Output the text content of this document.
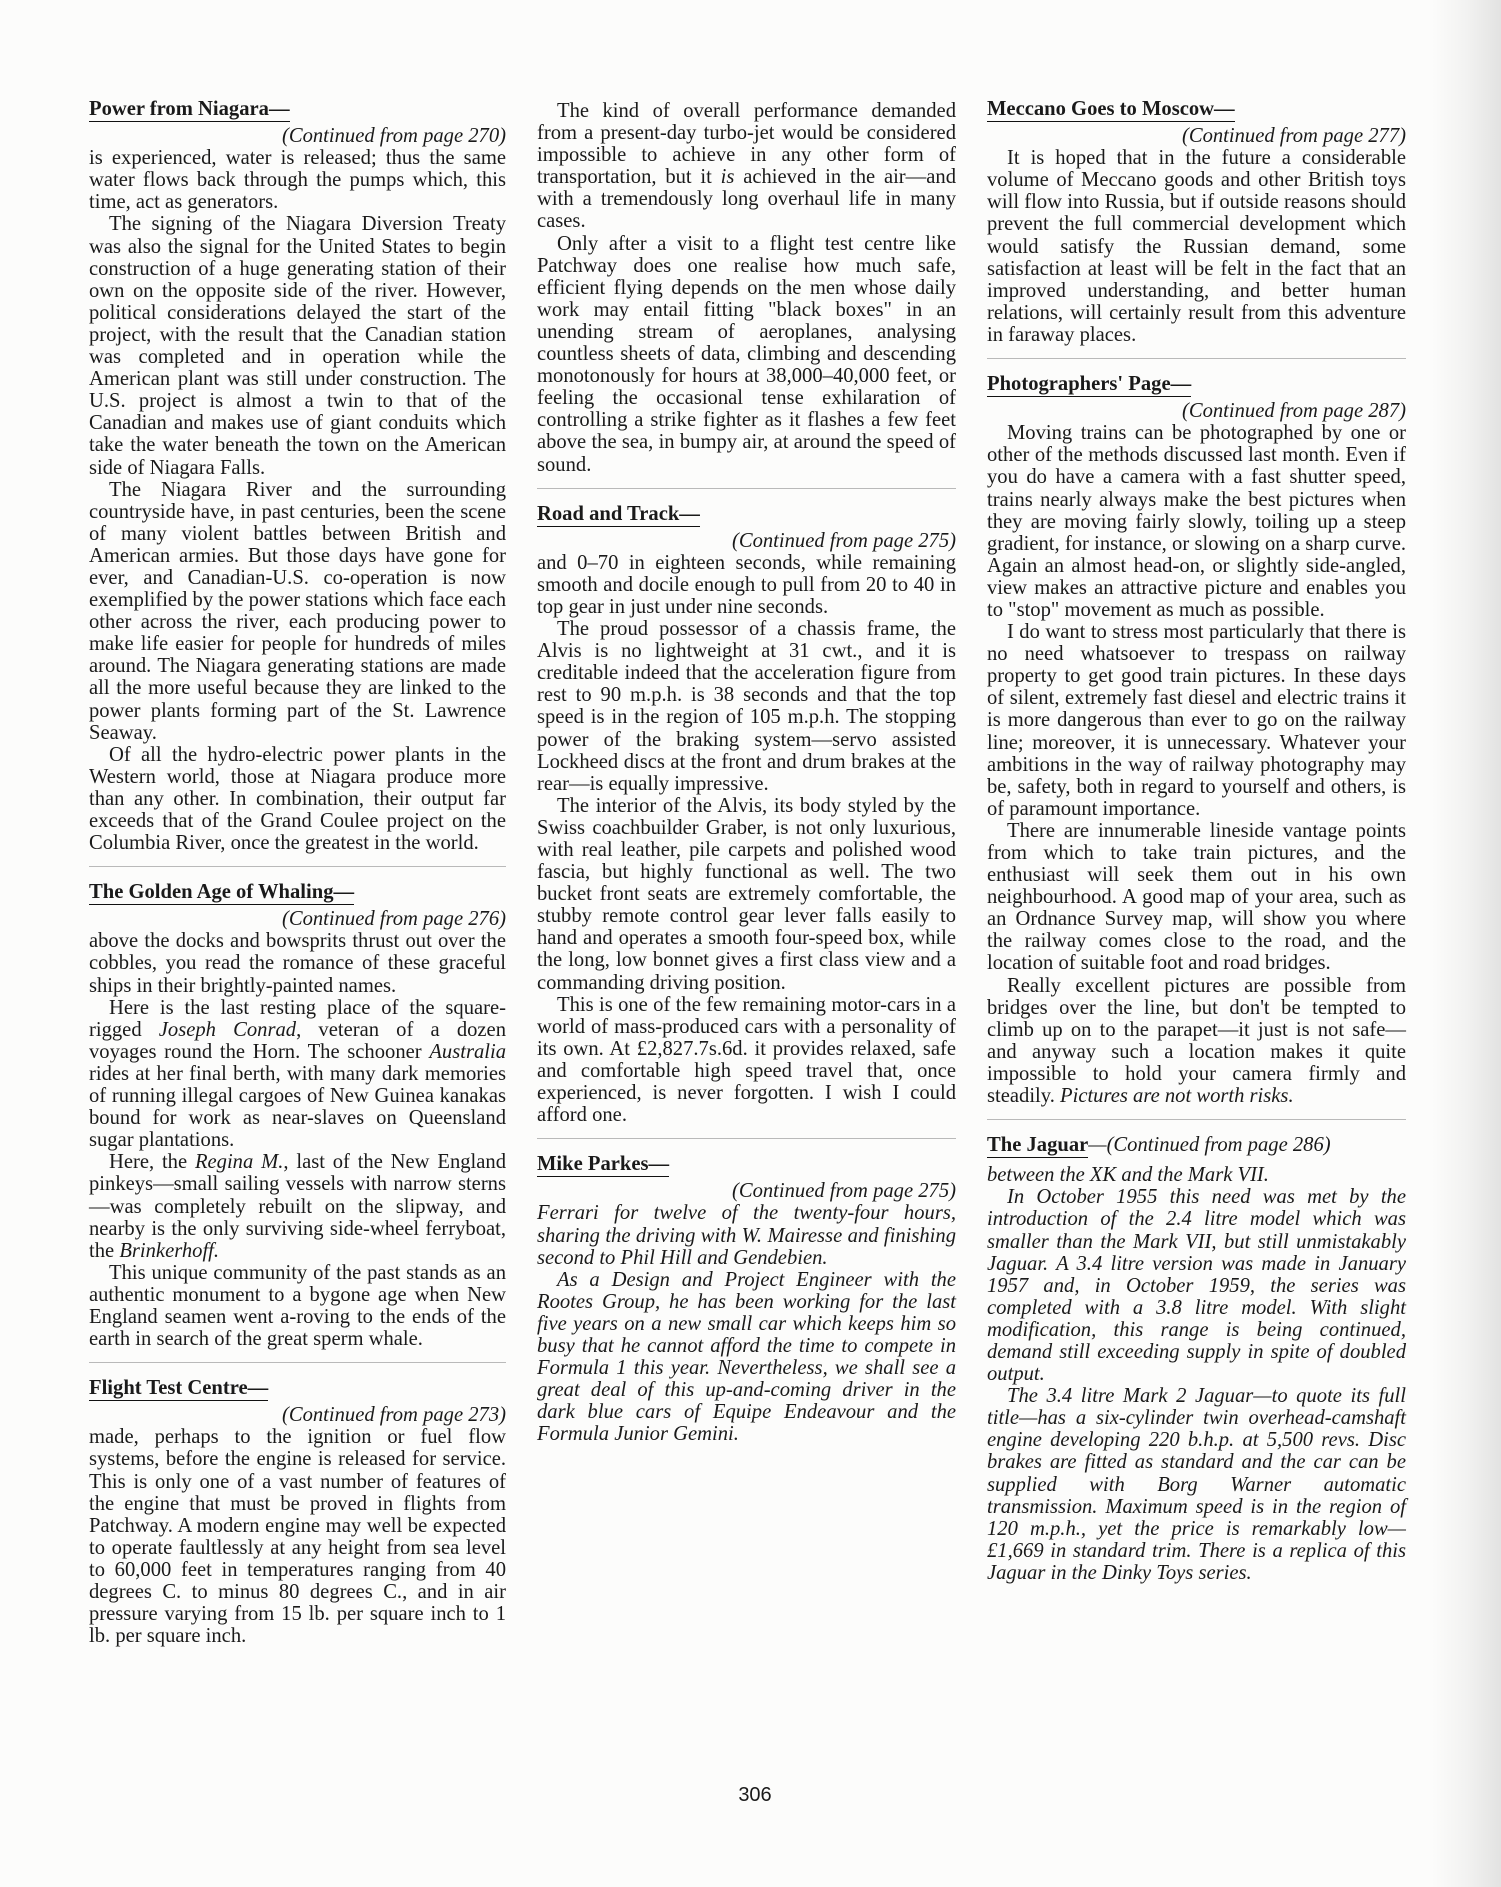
Power from Niagara—
(Continued from page 270)

is experienced, water is released; thus the same water flows back through the pumps which, this time, act as generators.

The signing of the Niagara Diversion Treaty was also the signal for the United States to begin construction of a huge generating station of their own on the opposite side of the river. However, political considerations delayed the start of the project, with the result that the Canadian station was completed and in operation while the American plant was still under construction. The U.S. project is almost a twin to that of the Canadian and makes use of giant conduits which take the water beneath the town on the American side of Niagara Falls.

The Niagara River and the surrounding countryside have, in past centuries, been the scene of many violent battles between British and American armies. But those days have gone for ever, and Canadian-U.S. co-operation is now exemplified by the power stations which face each other across the river, each producing power to make life easier for people for hundreds of miles around. The Niagara generating stations are made all the more useful because they are linked to the power plants forming part of the St. Lawrence Seaway.

Of all the hydro-electric power plants in the Western world, those at Niagara produce more than any other. In combination, their output far exceeds that of the Grand Coulee project on the Columbia River, once the greatest in the world.

The Golden Age of Whaling—
(Continued from page 276)

above the docks and bowsprits thrust out over the cobbles, you read the romance of these graceful ships in their brightly-painted names.

Here is the last resting place of the square-rigged Joseph Conrad, veteran of a dozen voyages round the Horn. The schooner Australia rides at her final berth, with many dark memories of running illegal cargoes of New Guinea kanakas bound for work as near-slaves on Queensland sugar plantations.

Here, the Regina M., last of the New England pinkeys—small sailing vessels with narrow sterns—was completely rebuilt on the slipway, and nearby is the only surviving side-wheel ferryboat, the Brinkerhoff.

This unique community of the past stands as an authentic monument to a bygone age when New England seamen went a-roving to the ends of the earth in search of the great sperm whale.

Flight Test Centre—
(Continued from page 273)

made, perhaps to the ignition or fuel flow systems, before the engine is released for service. This is only one of a vast number of features of the engine that must be proved in flights from Patchway. A modern engine may well be expected to operate faultlessly at any height from sea level to 60,000 feet in temperatures ranging from 40 degrees C. to minus 80 degrees C., and in air pressure varying from 15 lb. per square inch to 1 lb. per square inch.

The kind of overall performance demanded from a present-day turbo-jet would be considered impossible to achieve in any other form of transportation, but it is achieved in the air—and with a tremendously long overhaul life in many cases.

Only after a visit to a flight test centre like Patchway does one realise how much safe, efficient flying depends on the men whose daily work may entail fitting "black boxes" in an unending stream of aeroplanes, analysing countless sheets of data, climbing and descending monotonously for hours at 38,000–40,000 feet, or feeling the occasional tense exhilaration of controlling a strike fighter as it flashes a few feet above the sea, in bumpy air, at around the speed of sound.

Road and Track—
(Continued from page 275)

and 0–70 in eighteen seconds, while remaining smooth and docile enough to pull from 20 to 40 in top gear in just under nine seconds.

The proud possessor of a chassis frame, the Alvis is no lightweight at 31 cwt., and it is creditable indeed that the acceleration figure from rest to 90 m.p.h. is 38 seconds and that the top speed is in the region of 105 m.p.h. The stopping power of the braking system—servo assisted Lockheed discs at the front and drum brakes at the rear—is equally impressive.

The interior of the Alvis, its body styled by the Swiss coachbuilder Graber, is not only luxurious, with real leather, pile carpets and polished wood fascia, but highly functional as well. The two bucket front seats are extremely comfortable, the stubby remote control gear lever falls easily to hand and operates a smooth four-speed box, while the long, low bonnet gives a first class view and a commanding driving position.

This is one of the few remaining motor-cars in a world of mass-produced cars with a personality of its own. At £2,827.7s.6d. it provides relaxed, safe and comfortable high speed travel that, once experienced, is never forgotten. I wish I could afford one.

Mike Parkes—
(Continued from page 275)

Ferrari for twelve of the twenty-four hours, sharing the driving with W. Mairesse and finishing second to Phil Hill and Gendebien.

As a Design and Project Engineer with the Rootes Group, he has been working for the last five years on a new small car which keeps him so busy that he cannot afford the time to compete in Formula 1 this year. Nevertheless, we shall see a great deal of this up-and-coming driver in the dark blue cars of Equipe Endeavour and the Formula Junior Gemini.

Meccano Goes to Moscow—
(Continued from page 277)

It is hoped that in the future a considerable volume of Meccano goods and other British toys will flow into Russia, but if outside reasons should prevent the full commercial development which would satisfy the Russian demand, some satisfaction at least will be felt in the fact that an improved understanding, and better human relations, will certainly result from this adventure in faraway places.

Photographers' Page—
(Continued from page 287)

Moving trains can be photographed by one or other of the methods discussed last month. Even if you do have a camera with a fast shutter speed, trains nearly always make the best pictures when they are moving fairly slowly, toiling up a steep gradient, for instance, or slowing on a sharp curve. Again an almost head-on, or slightly side-angled, view makes an attractive picture and enables you to "stop" movement as much as possible.

I do want to stress most particularly that there is no need whatsoever to trespass on railway property to get good train pictures. In these days of silent, extremely fast diesel and electric trains it is more dangerous than ever to go on the railway line; moreover, it is unnecessary. Whatever your ambitions in the way of railway photography may be, safety, both in regard to yourself and others, is of paramount importance.

There are innumerable lineside vantage points from which to take train pictures, and the enthusiast will seek them out in his own neighbourhood. A good map of your area, such as an Ordnance Survey map, will show you where the railway comes close to the road, and the location of suitable foot and road bridges.

Really excellent pictures are possible from bridges over the line, but don't be tempted to climb up on to the parapet—it just is not safe—and anyway such a location makes it quite impossible to hold your camera firmly and steadily. Pictures are not worth risks.

The Jaguar—(Continued from page 286)

between the XK and the Mark VII.

In October 1955 this need was met by the introduction of the 2.4 litre model which was smaller than the Mark VII, but still unmistakably Jaguar. A 3.4 litre version was made in January 1957 and, in October 1959, the series was completed with a 3.8 litre model. With slight modification, this range is being continued, demand still exceeding supply in spite of doubled output.

The 3.4 litre Mark 2 Jaguar—to quote its full title—has a six-cylinder twin overhead-camshaft engine developing 220 b.h.p. at 5,500 revs. Disc brakes are fitted as standard and the car can be supplied with Borg Warner automatic transmission. Maximum speed is in the region of 120 m.p.h., yet the price is remarkably low—£1,669 in standard trim. There is a replica of this Jaguar in the Dinky Toys series.

306
